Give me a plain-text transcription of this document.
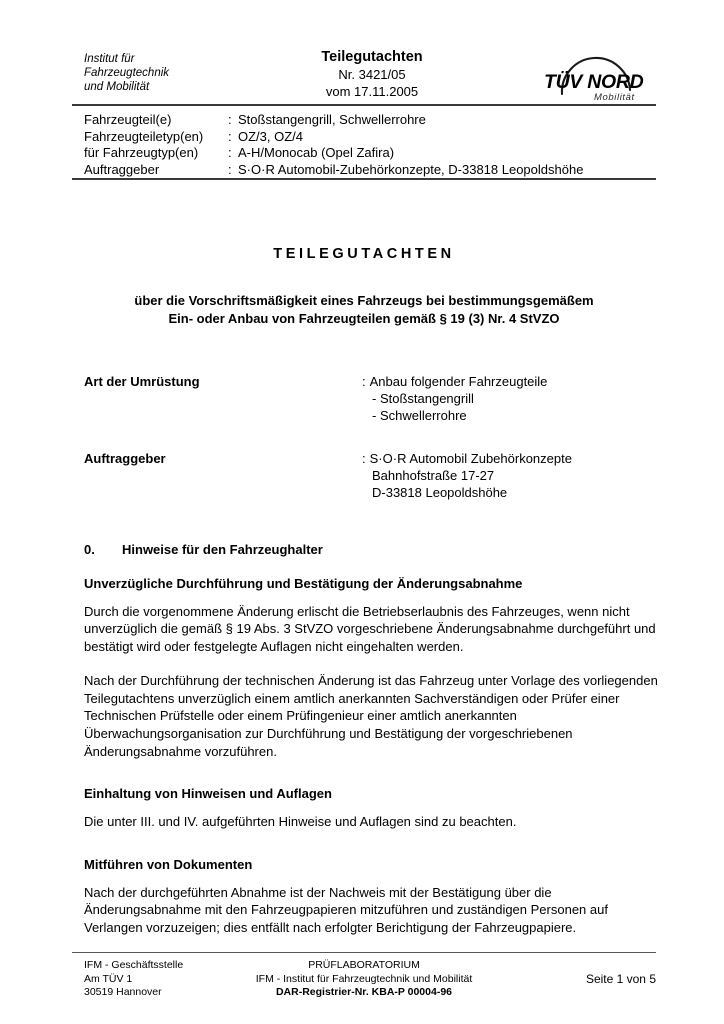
Institut für
Fahrzeugtechnik
und Mobilität
Teilegutachten
Nr. 3421/05
vom 17.11.2005	TÜV NORD
Mobilität
Fahrzeugteil(e)	: Stoßstangengrill, Schwellerrohre
Fahrzeugteiletyp(en)	: OZ/3, OZ/4
für Fahrzeugtyp(en)	: A-H/Monocab (Opel Zafira)
Auftraggeber	: S·O·R Automobil-Zubehörkonzepte, D-33818 Leopoldshöhe
TEILEGUTACHTEN
über die Vorschriftsmäßigkeit eines Fahrzeugs bei bestimmungsgemäßem
Ein- oder Anbau von Fahrzeugteilen gemäß § 19 (3) Nr. 4 StVZO
Art der Umrüstung	: Anbau folgender Fahrzeugteile
- Stoßstangengrill
- Schwellerrohre
Auftraggeber	: S·O·R Automobil Zubehörkonzepte
Bahnhofstraße 17-27
D-33818 Leopoldshöhe
0.	Hinweise für den Fahrzeughalter
Unverzügliche Durchführung und Bestätigung der Änderungsabnahme

Durch die vorgenommene Änderung erlischt die Betriebserlaubnis des Fahrzeuges, wenn nicht unverzüglich die gemäß § 19 Abs. 3 StVZO vorgeschriebene Änderungsabnahme durchgeführt und bestätigt wird oder festgelegte Auflagen nicht eingehalten werden.

Nach der Durchführung der technischen Änderung ist das Fahrzeug unter Vorlage des vorliegenden Teilegutachtens unverzüglich einem amtlich anerkannten Sachverständigen oder Prüfer einer Technischen Prüfstelle oder einem Prüfingenieur einer amtlich anerkannten Überwachungsorganisation zur Durchführung und Bestätigung der vorgeschriebenen Änderungsabnahme vorzuführen.

Einhaltung von Hinweisen und Auflagen

Die unter III. und IV. aufgeführten Hinweise und Auflagen sind zu beachten.

Mitführen von Dokumenten

Nach der durchgeführten Abnahme ist der Nachweis mit der Bestätigung über die Änderungsabnahme mit den Fahrzeugpapieren mitzuführen und zuständigen Personen auf Verlangen vorzuzeigen; dies entfällt nach erfolgter Berichtigung der Fahrzeugpapiere.

IFM - Geschäftsstelle
Am TÜV 1
30519 Hannover
PRÜFLABORATORIUM
IFM - Institut für Fahrzeugtechnik und Mobilität
DAR-Registrier-Nr. KBA-P 00004-96
Seite 1 von 5
